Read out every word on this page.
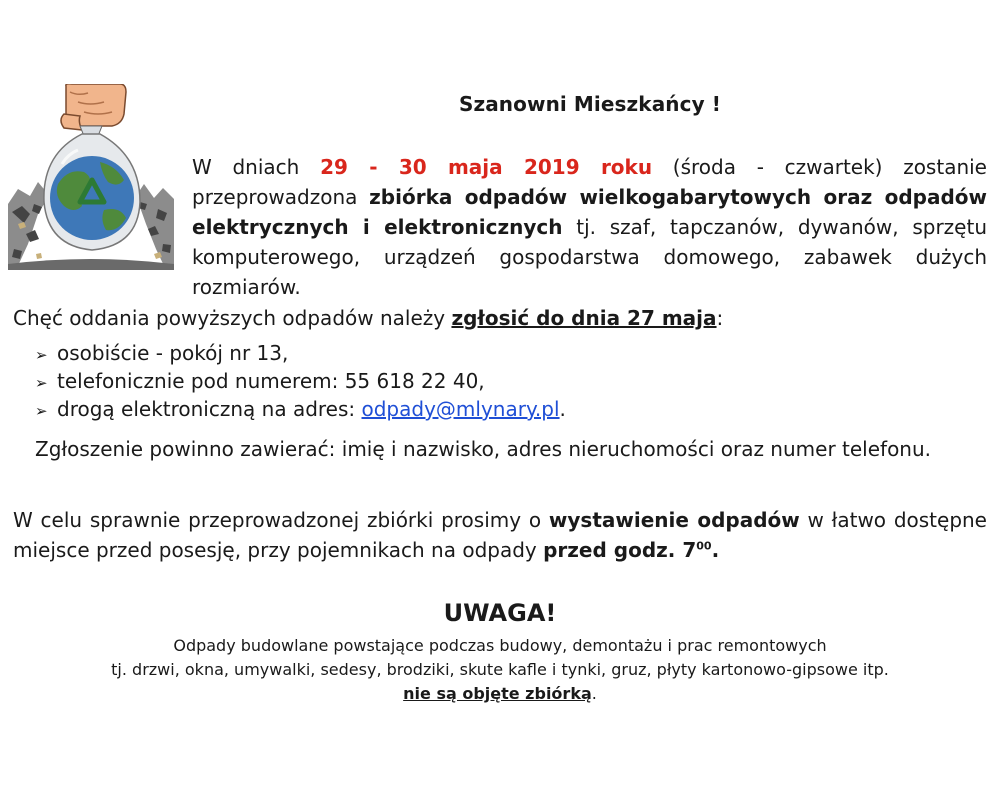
Szanowni Mieszkańcy !

W dniach 29 - 30 maja 2019 roku (środa - czwartek) zostanie przeprowadzona zbiórka odpadów wielkogabarytowych oraz odpadów elektrycznych i elektronicznych tj. szaf, tapczanów, dywanów, sprzętu komputerowego, urządzeń gospodarstwa domowego, zabawek dużych rozmiarów.

Chęć oddania powyższych odpadów należy zgłosić do dnia 27 maja:

➢ osobiście - pokój nr 13,
➢ telefonicznie pod numerem: 55 618 22 40,
➢ drogą elektroniczną na adres: odpady@mlynary.pl.

Zgłoszenie powinno zawierać: imię i nazwisko, adres nieruchomości oraz numer telefonu.

W celu sprawnie przeprowadzonej zbiórki prosimy o wystawienie odpadów w łatwo dostępne miejsce przed posesję, przy pojemnikach na odpady przed godz. $7^{00}$.

UWAGA!
Odpady budowlane powstające podczas budowy, demontażu i prac remontowych
tj. drzwi, okna, umywalki, sedesy, brodziki, skute kafle i tynki, gruz, płyty kartonowo-gipsowe itp.
nie są objęte zbiórką.
